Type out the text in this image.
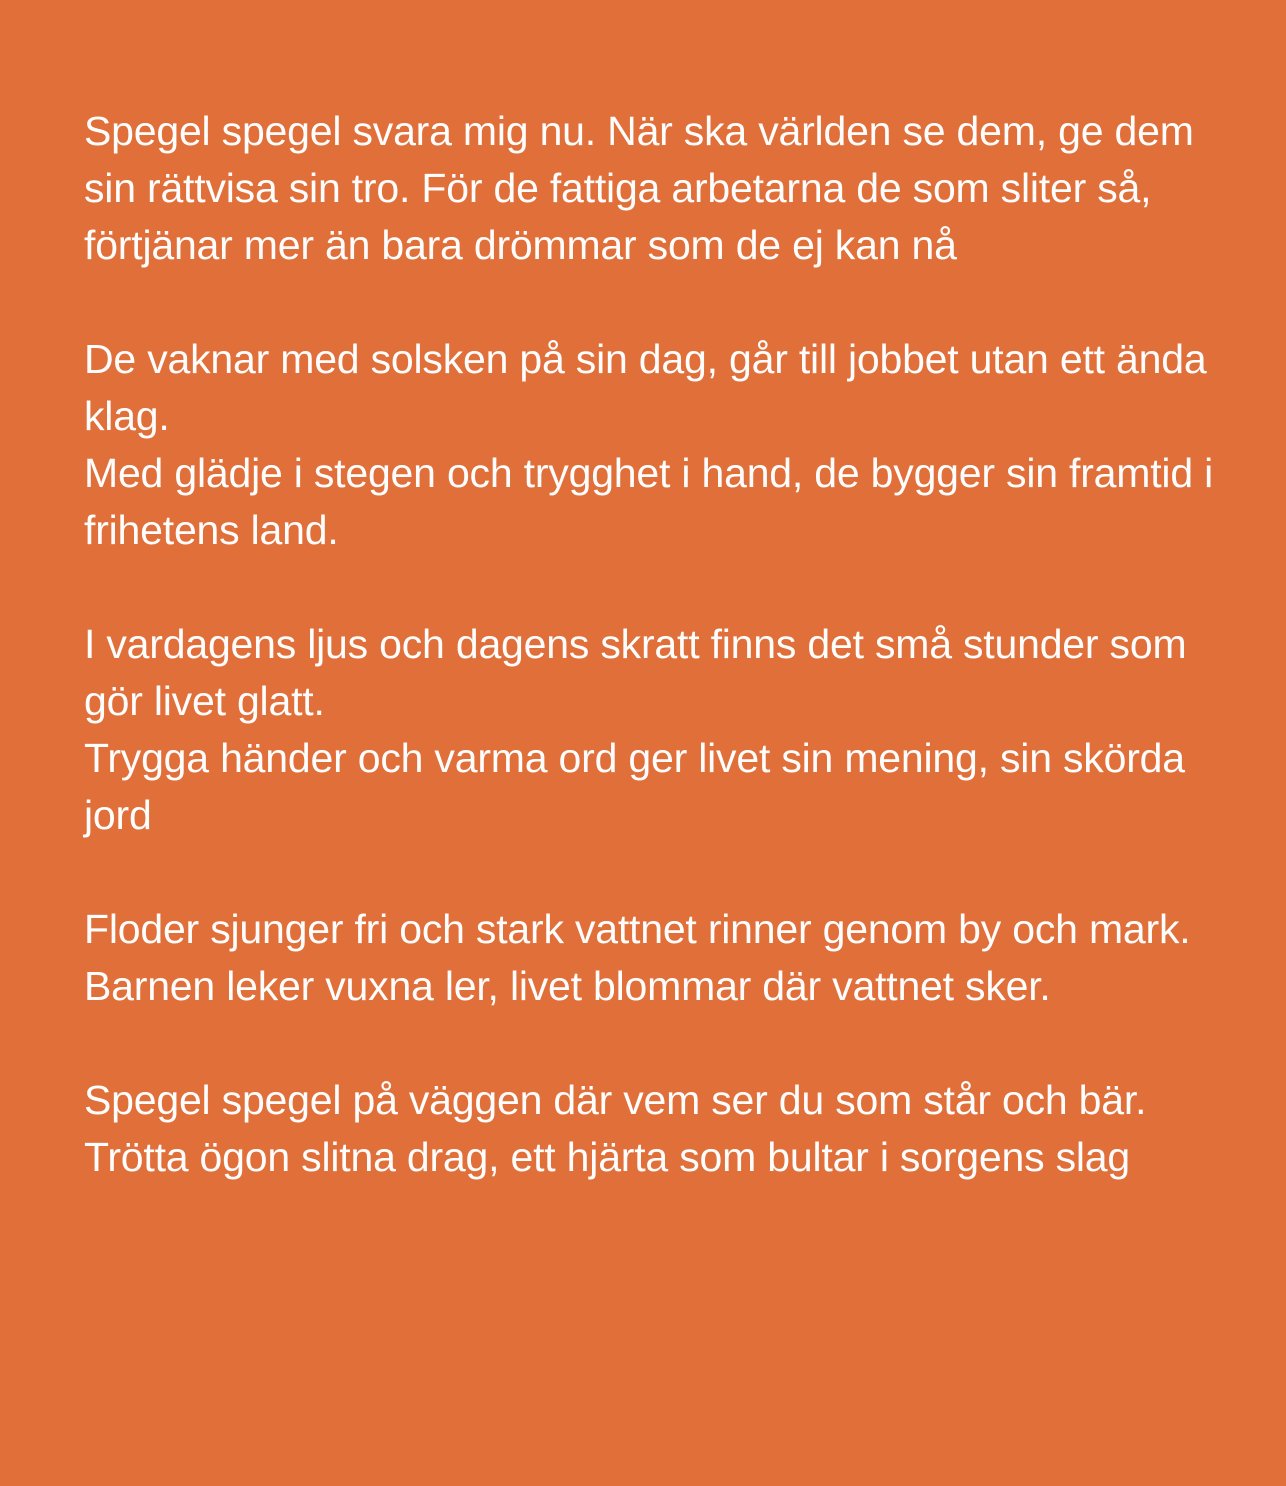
Spegel spegel svara mig nu. När ska världen se dem, ge dem sin rättvisa sin tro. För de fattiga arbetarna de som sliter så, förtjänar mer än bara drömmar som de ej kan nå

De vaknar med solsken på sin dag, går till jobbet utan ett ända klag.

Med glädje i stegen och trygghet i hand, de bygger sin framtid i frihetens land.

I vardagens ljus och dagens skratt finns det små stunder som gör livet glatt.

Trygga händer och varma ord ger livet sin mening, sin skörda jord

Floder sjunger fri och stark vattnet rinner genom by och mark.

Barnen leker vuxna ler, livet blommar där vattnet sker.

Spegel spegel på väggen där vem ser du som står och bär.

Trötta ögon slitna drag, ett hjärta som bultar i sorgens slag
